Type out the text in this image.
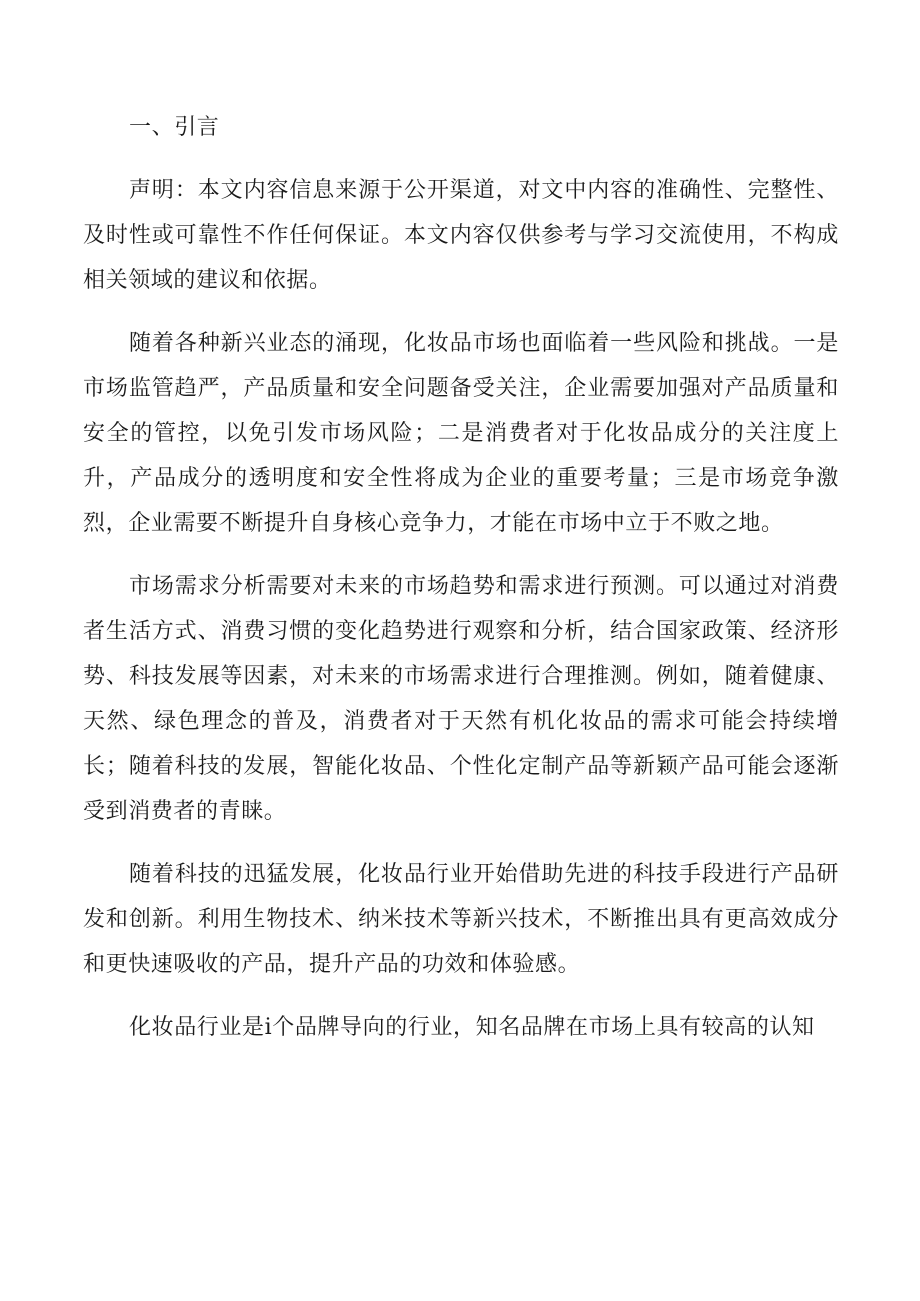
一、引言

声明：本文内容信息来源于公开渠道，对文中内容的准确性、完整性、及时性或可靠性不作任何保证。本文内容仅供参考与学习交流使用，不构成相关领域的建议和依据。

随着各种新兴业态的涌现，化妆品市场也面临着一些风险和挑战。一是市场监管趋严，产品质量和安全问题备受关注，企业需要加强对产品质量和安全的管控，以免引发市场风险；二是消费者对于化妆品成分的关注度上升，产品成分的透明度和安全性将成为企业的重要考量；三是市场竞争激烈，企业需要不断提升自身核心竞争力，才能在市场中立于不败之地。

市场需求分析需要对未来的市场趋势和需求进行预测。可以通过对消费者生活方式、消费习惯的变化趋势进行观察和分析，结合国家政策、经济形势、科技发展等因素，对未来的市场需求进行合理推测。例如，随着健康、天然、绿色理念的普及，消费者对于天然有机化妆品的需求可能会持续增长；随着科技的发展，智能化妆品、个性化定制产品等新颖产品可能会逐渐受到消费者的青睐。

随着科技的迅猛发展，化妆品行业开始借助先进的科技手段进行产品研发和创新。利用生物技术、纳米技术等新兴技术，不断推出具有更高效成分和更快速吸收的产品，提升产品的功效和体验感。

化妆品行业是i个品牌导向的行业，知名品牌在市场上具有较高的认知
